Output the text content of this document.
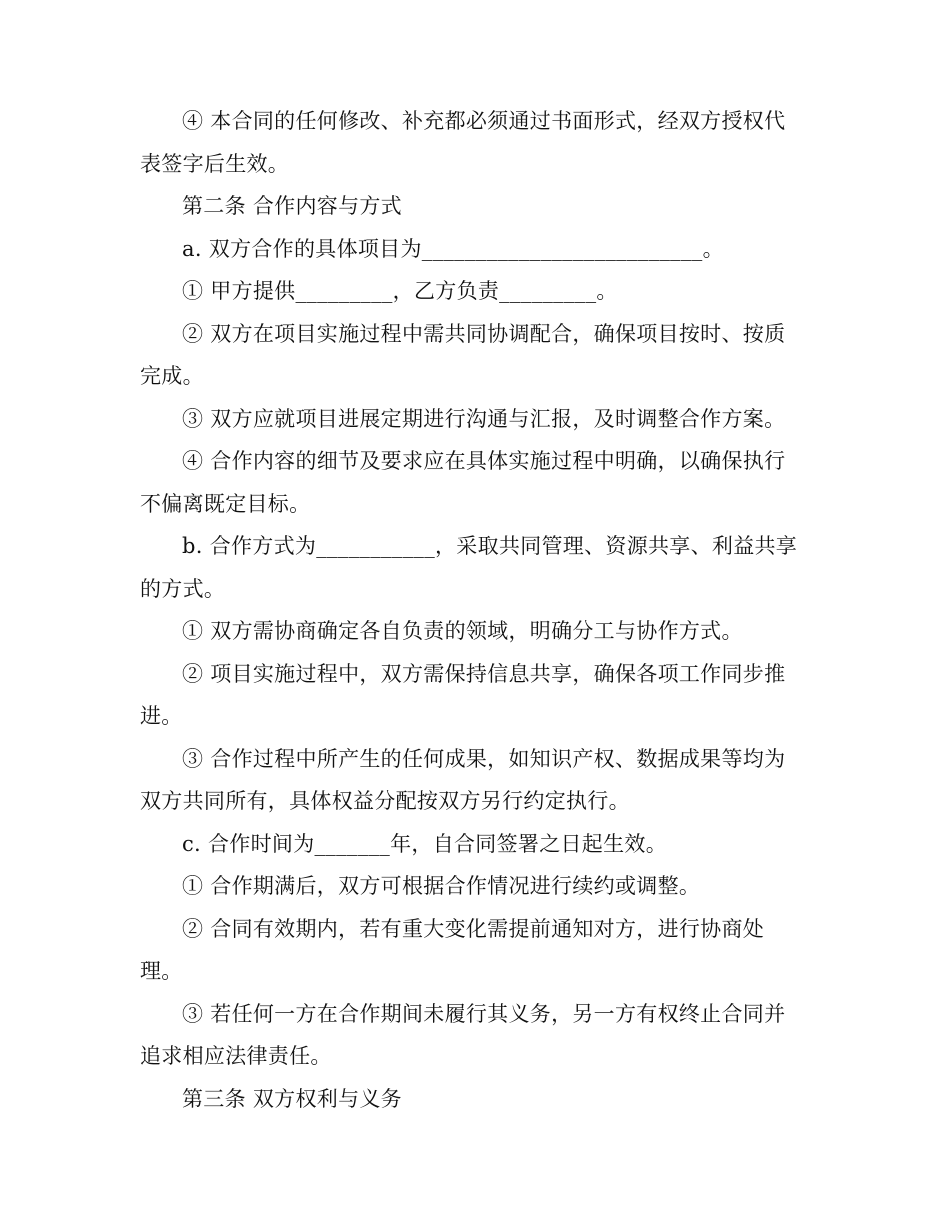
④ 本合同的任何修改、补充都必须通过书面形式，经双方授权代表签字后生效。

第二条 合作内容与方式

a. 双方合作的具体项目为__________________________。

① 甲方提供_________，乙方负责_________。

② 双方在项目实施过程中需共同协调配合，确保项目按时、按质完成。

③ 双方应就项目进展定期进行沟通与汇报，及时调整合作方案。

④ 合作内容的细节及要求应在具体实施过程中明确，以确保执行不偏离既定目标。

b. 合作方式为___________，采取共同管理、资源共享、利益共享的方式。

① 双方需协商确定各自负责的领域，明确分工与协作方式。

② 项目实施过程中，双方需保持信息共享，确保各项工作同步推进。

③ 合作过程中所产生的任何成果，如知识产权、数据成果等均为双方共同所有，具体权益分配按双方另行约定执行。

c. 合作时间为_______年，自合同签署之日起生效。

① 合作期满后，双方可根据合作情况进行续约或调整。

② 合同有效期内，若有重大变化需提前通知对方，进行协商处理。

③ 若任何一方在合作期间未履行其义务，另一方有权终止合同并追求相应法律责任。

第三条 双方权利与义务
